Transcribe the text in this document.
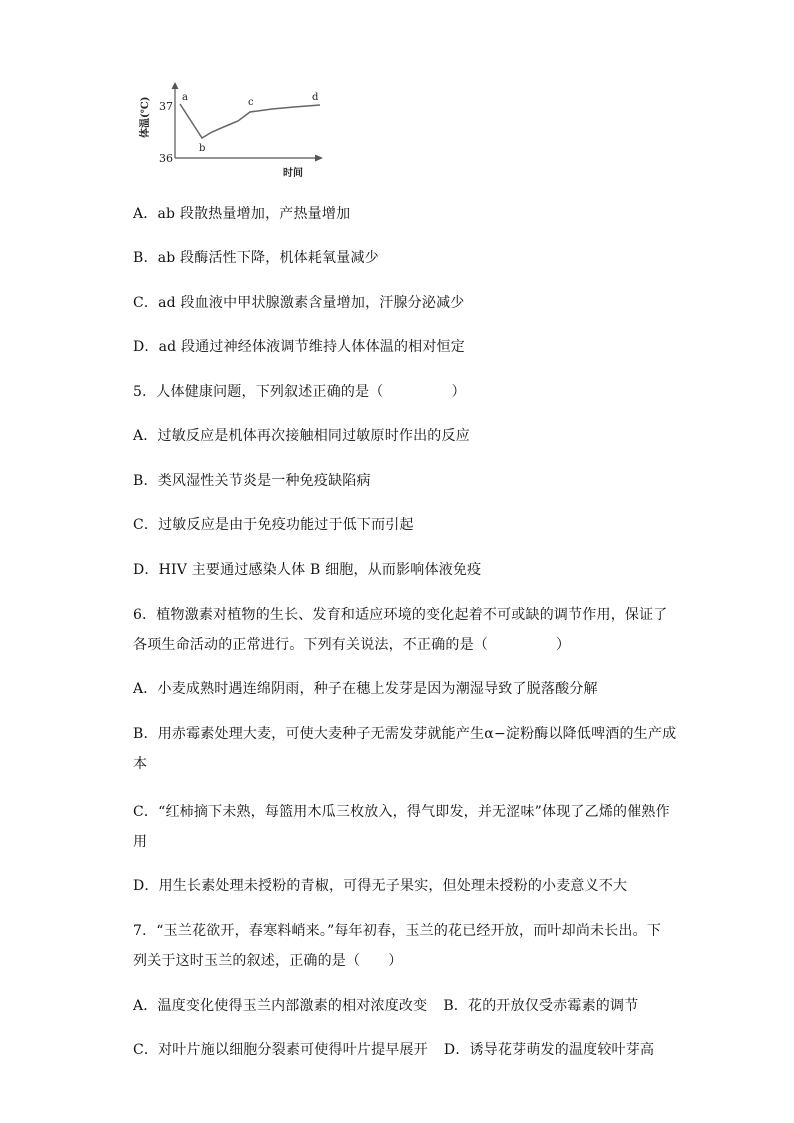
体温(℃) 37
36
a
b
c	d
时间
A．ab 段散热量增加，产热量增加
B．ab 段酶活性下降，机体耗氧量减少
C．ad 段血液中甲状腺激素含量增加，汗腺分泌减少
D．ad 段通过神经体液调节维持人体体温的相对恒定
5．人体健康问题，下列叙述正确的是（	）
A．过敏反应是机体再次接触相同过敏原时作出的反应
B．类风湿性关节炎是一种免疫缺陷病
C．过敏反应是由于免疫功能过于低下而引起
D．HIV 主要通过感染人体 B 细胞，从而影响体液免疫
6．植物激素对植物的生长、发育和适应环境的变化起着不可或缺的调节作用，保证了
各项生命活动的正常进行。下列有关说法，不正确的是（	）
A．小麦成熟时遇连绵阴雨，种子在穗上发芽是因为潮湿导致了脱落酸分解
B．用赤霉素处理大麦，可使大麦种子无需发芽就能产生α−淀粉酶以降低啤酒的生产成
本
C．“红柿摘下未熟，每篮用木瓜三枚放入，得气即发，并无涩味”体现了乙烯的催熟作
用
D．用生长素处理未授粉的青椒，可得无子果实，但处理未授粉的小麦意义不大
7．“玉兰花欲开，春寒料峭来。”每年初春，玉兰的花已经开放，而叶却尚未长出。下
列关于这时玉兰的叙述，正确的是（ ）
A．温度变化使得玉兰内部激素的相对浓度改变 B．花的开放仅受赤霉素的调节
C．对叶片施以细胞分裂素可使得叶片提早展开 D．诱导花芽萌发的温度较叶芽高
